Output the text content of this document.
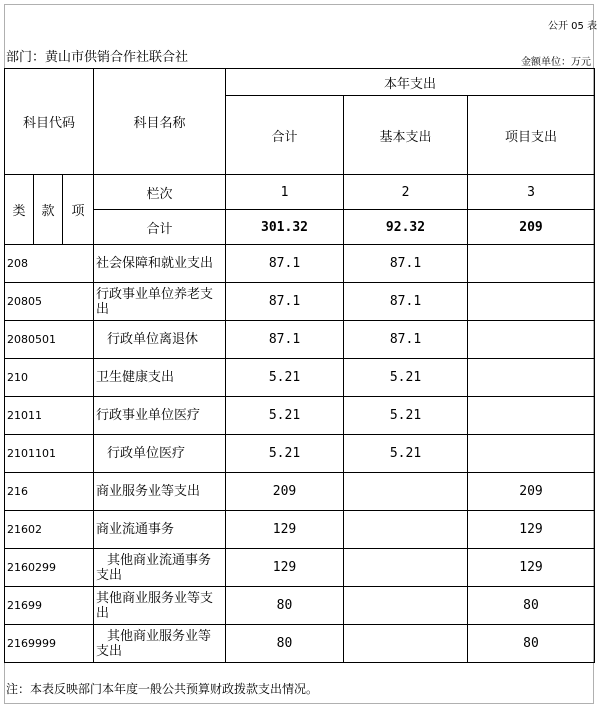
公开 05 表
部门：黄山市供销合作社联合社	金额单位：万元
科目代码			科目名称	本年支出		
				合计	基本支出	项目支出

类	款	项	栏次	1	2	3
			合计	301.32	92.32	209
208			社会保障和就业支出	87.1	87.1	
20805			行政事业单位养老支
出	87.1	87.1	
2080501			行政单位离退休	87.1	87.1	
210			卫生健康支出	5.21	5.21	
21011			行政事业单位医疗	5.21	5.21	
2101101			行政单位医疗	5.21	5.21	
216			商业服务业等支出	209		209
21602			商业流通事务	129		129
2160299			其他商业流通事务
支出	129		129
21699			其他商业服务业等支
出	80		80
2169999			其他商业服务业等
支出	80		80
注：本表反映部门本年度一般公共预算财政拨款支出情况。
